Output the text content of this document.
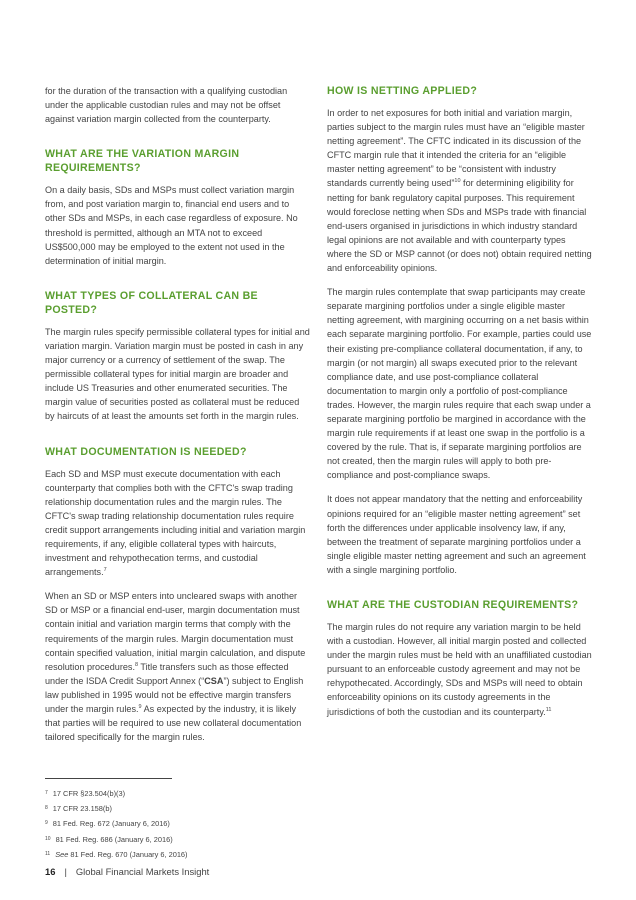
for the duration of the transaction with a qualifying custodian under the applicable custodian rules and may not be offset against variation margin collected from the counterparty.

WHAT ARE THE VARIATION MARGIN REQUIREMENTS?

On a daily basis, SDs and MSPs must collect variation margin from, and post variation margin to, financial end users and to other SDs and MSPs, in each case regardless of exposure. No threshold is permitted, although an MTA not to exceed US$500,000 may be employed to the extent not used in the determination of initial margin.

WHAT TYPES OF COLLATERAL CAN BE POSTED?

The margin rules specify permissible collateral types for initial and variation margin. Variation margin must be posted in cash in any major currency or a currency of settlement of the swap. The permissible collateral types for initial margin are broader and include US Treasuries and other enumerated securities. The margin value of securities posted as collateral must be reduced by haircuts of at least the amounts set forth in the margin rules.

WHAT DOCUMENTATION IS NEEDED?

Each SD and MSP must execute documentation with each counterparty that complies both with the CFTC's swap trading relationship documentation rules and the margin rules. The CFTC's swap trading relationship documentation rules require credit support arrangements including initial and variation margin requirements, if any, eligible collateral types with haircuts, investment and rehypothecation terms, and custodial arrangements.$^7$

When an SD or MSP enters into uncleared swaps with another SD or MSP or a financial end-user, margin documentation must contain initial and variation margin terms that comply with the requirements of the margin rules. Margin documentation must contain specified valuation, initial margin calculation, and dispute resolution procedures.$^8$ Title transfers such as those effected under the ISDA Credit Support Annex (“CSA”) subject to English law published in 1995 would not be effective margin transfers under the margin rules.$^9$ As expected by the industry, it is likely that parties will be required to use new collateral documentation tailored specifically for the margin rules.

HOW IS NETTING APPLIED?

In order to net exposures for both initial and variation margin, parties subject to the margin rules must have an “eligible master netting agreement”. The CFTC indicated in its discussion of the CFTC margin rule that it intended the criteria for an “eligible master netting agreement” to be “consistent with industry standards currently being used”$^{10}$ for determining eligibility for netting for bank regulatory capital purposes. This requirement would foreclose netting when SDs and MSPs trade with financial end-users organised in jurisdictions in which industry standard legal opinions are not available and with counterparty types where the SD or MSP cannot (or does not) obtain required netting and enforceability opinions.

The margin rules contemplate that swap participants may create separate margining portfolios under a single eligible master netting agreement, with margining occurring on a net basis within each separate margining portfolio. For example, parties could use their existing pre-compliance collateral documentation, if any, to margin (or not margin) all swaps executed prior to the relevant compliance date, and use post-compliance collateral documentation to margin only a portfolio of post-compliance trades. However, the margin rules require that each swap under a separate margining portfolio be margined in accordance with the margin rule requirements if at least one swap in the portfolio is a covered by the rule. That is, if separate margining portfolios are not created, then the margin rules will apply to both pre-compliance and post-compliance swaps.

It does not appear mandatory that the netting and enforceability opinions required for an “eligible master netting agreement” set forth the differences under applicable insolvency law, if any, between the treatment of separate margining portfolios under a single eligible master netting agreement and such an agreement with a single margining portfolio.

WHAT ARE THE CUSTODIAN REQUIREMENTS?

The margin rules do not require any variation margin to be held with a custodian. However, all initial margin posted and collected under the margin rules must be held with an unaffiliated custodian pursuant to an enforceable custody agreement and may not be rehypothecated. Accordingly, SDs and MSPs will need to obtain enforceability opinions on its custody agreements in the jurisdictions of both the custodian and its counterparty.$^{11}$

$^7$ 17 CFR §23.504(b)(3)
$^8$ 17 CFR 23.158(b)
$^9$ 81 Fed. Reg. 672 (January 6, 2016)
$^{10}$ 81 Fed. Reg. 686 (January 6, 2016)
$^{11}$ See 81 Fed. Reg. 670 (January 6, 2016)
16 | Global Financial Markets Insight
